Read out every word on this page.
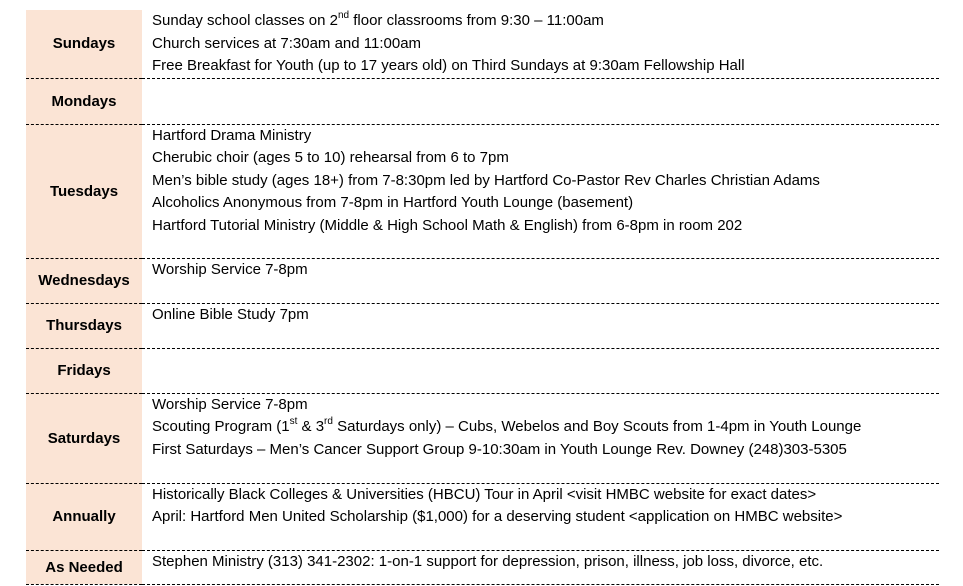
Sundays	Sunday school classes on 2nd floor classrooms from 9:30 – 11:00am
Church services at 7:30am and 11:00am
Free Breakfast for Youth (up to 17 years old) on Third Sundays at 9:30am Fellowship Hall

Mondays	
Tuesdays	Hartford Drama Ministry
Cherubic choir (ages 5 to 10) rehearsal from 6 to 7pm
Men’s bible study (ages 18+) from 7-8:30pm led by Hartford Co-Pastor Rev Charles Christian Adams
Alcoholics Anonymous from 7-8pm in Hartford Youth Lounge (basement)
Hartford Tutorial Ministry (Middle & High School Math & English) from 6-8pm in room 202

Wednesdays	Worship Service 7-8pm

Thursdays	Online Bible Study 7pm

Fridays	
Saturdays	Worship Service 7-8pm
Scouting Program (1st & 3rd Saturdays only) – Cubs, Webelos and Boy Scouts from 1-4pm in Youth Lounge
First Saturdays – Men’s Cancer Support Group 9-10:30am in Youth Lounge Rev. Downey (248)303-5305

Annually	Historically Black Colleges & Universities (HBCU) Tour in April <visit HMBC website for exact dates>
April: Hartford Men United Scholarship ($1,000) for a deserving student <application on HMBC website>

As Needed	Stephen Ministry (313) 341-2302: 1-on-1 support for depression, prison, illness, job loss, divorce, etc.
